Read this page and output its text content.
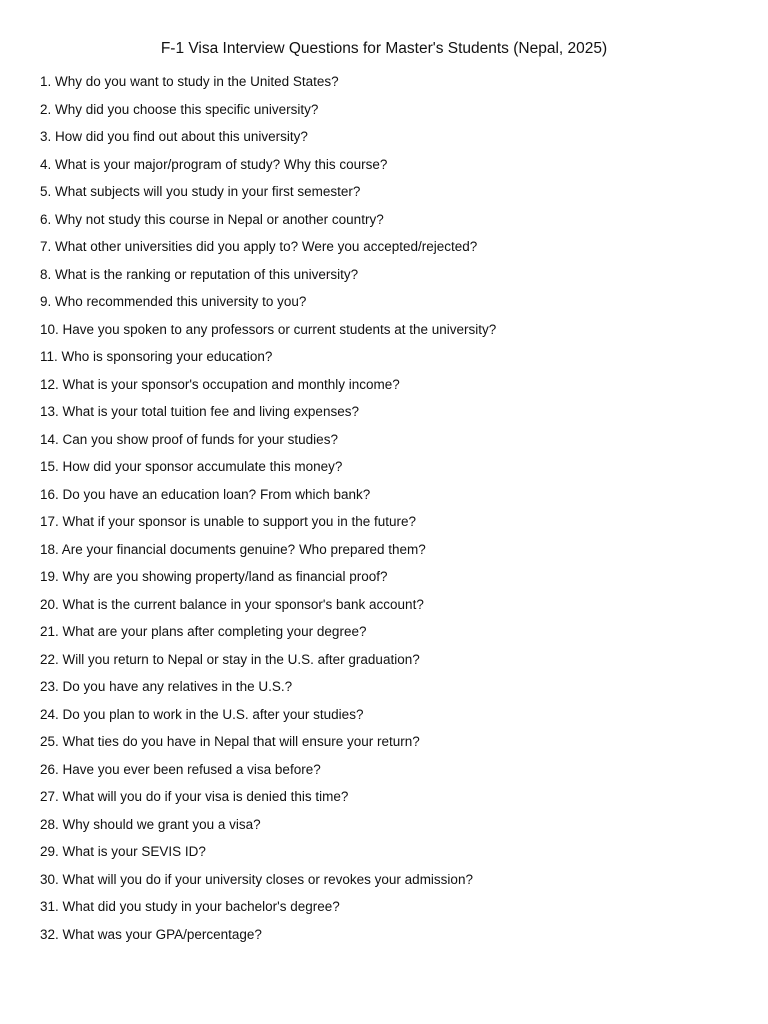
F-1 Visa Interview Questions for Master's Students (Nepal, 2025)
1. Why do you want to study in the United States?
2. Why did you choose this specific university?
3. How did you find out about this university?
4. What is your major/program of study? Why this course?
5. What subjects will you study in your first semester?
6. Why not study this course in Nepal or another country?
7. What other universities did you apply to? Were you accepted/rejected?
8. What is the ranking or reputation of this university?
9. Who recommended this university to you?
10. Have you spoken to any professors or current students at the university?
11. Who is sponsoring your education?
12. What is your sponsor's occupation and monthly income?
13. What is your total tuition fee and living expenses?
14. Can you show proof of funds for your studies?
15. How did your sponsor accumulate this money?
16. Do you have an education loan? From which bank?
17. What if your sponsor is unable to support you in the future?
18. Are your financial documents genuine? Who prepared them?
19. Why are you showing property/land as financial proof?
20. What is the current balance in your sponsor's bank account?
21. What are your plans after completing your degree?
22. Will you return to Nepal or stay in the U.S. after graduation?
23. Do you have any relatives in the U.S.?
24. Do you plan to work in the U.S. after your studies?
25. What ties do you have in Nepal that will ensure your return?
26. Have you ever been refused a visa before?
27. What will you do if your visa is denied this time?
28. Why should we grant you a visa?
29. What is your SEVIS ID?
30. What will you do if your university closes or revokes your admission?
31. What did you study in your bachelor's degree?
32. What was your GPA/percentage?
